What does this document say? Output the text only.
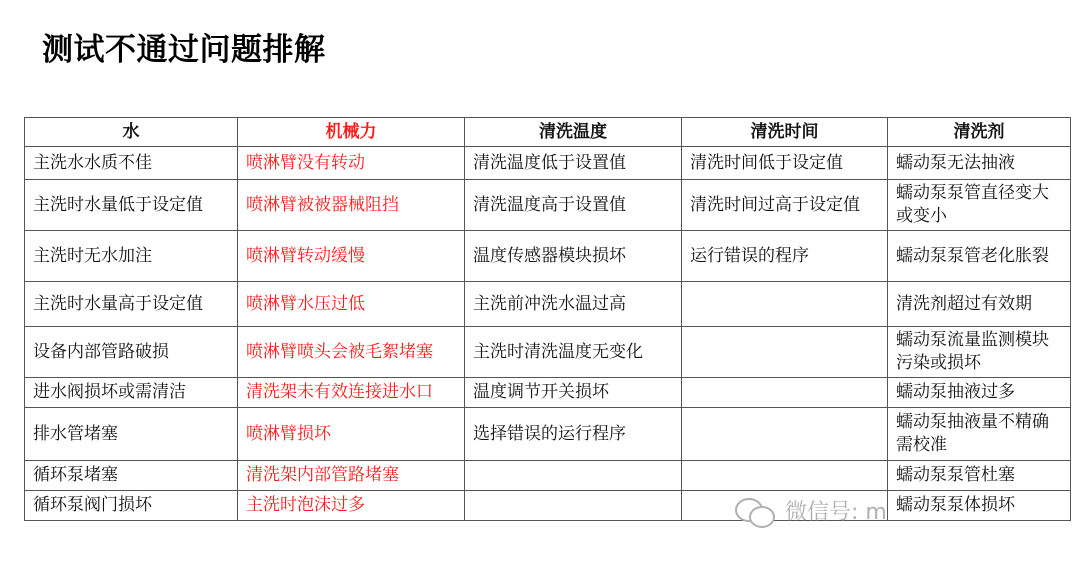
测试不通过问题排解
水	机械力	清洗温度	清洗时间	清洗剂
主洗水水质不佳	喷淋臂没有转动	清洗温度低于设置值	清洗时间低于设定值	蠕动泵无法抽液
主洗时水量低于设定值	喷淋臂被被器械阻挡	清洗温度高于设置值	清洗时间过高于设定值	蠕动泵泵管直径变大或变小
主洗时无水加注	喷淋臂转动缓慢	温度传感器模块损坏	运行错误的程序	蠕动泵泵管老化胀裂
主洗时水量高于设定值	喷淋臂水压过低	主洗前冲洗水温过高		清洗剂超过有效期
设备内部管路破损	喷淋臂喷头会被毛絮堵塞	主洗时清洗温度无变化		蠕动泵流量监测模块污染或损坏
进水阀损坏或需清洁	清洗架未有效连接进水口	温度调节开关损坏		蠕动泵抽液过多
排水管堵塞	喷淋臂损坏	选择错误的运行程序		蠕动泵抽液量不精确需校准
循环泵堵塞	清洗架内部管路堵塞			蠕动泵泵管杜塞
循环泵阀门损坏	主洗时泡沫过多			蠕动泵泵体损坏
微信号: m
